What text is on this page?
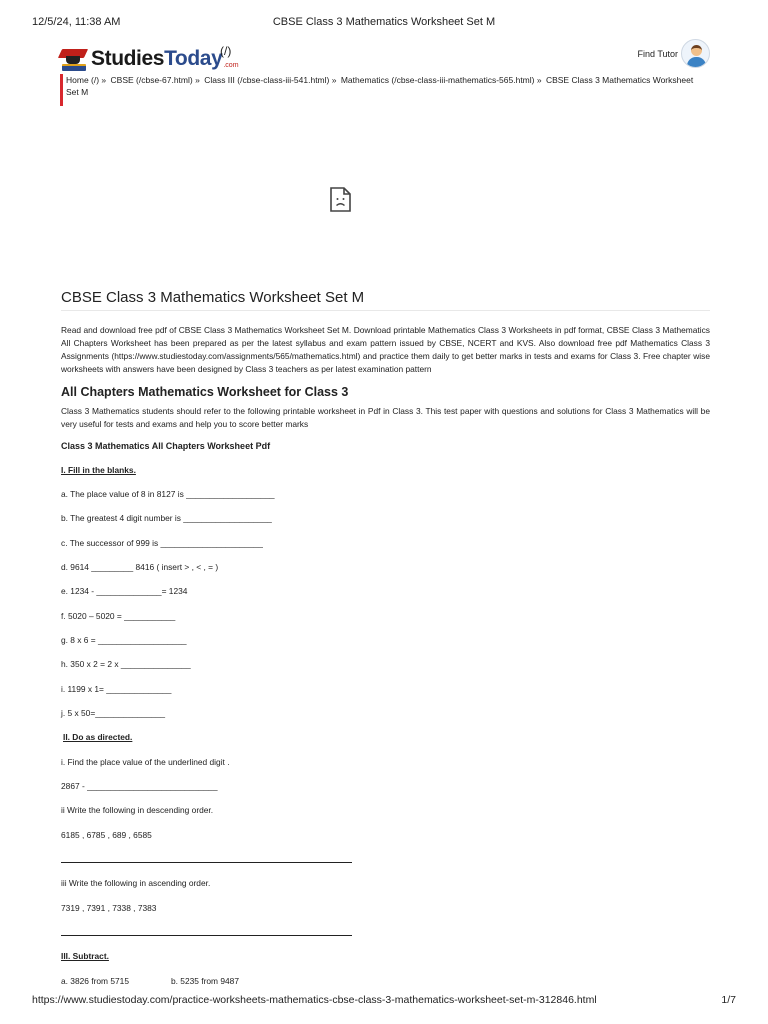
12/5/24, 11:38 AM	CBSE Class 3 Mathematics Worksheet Set M
StudiesToday .com
(/)	Find Tutor
Home (/) » CBSE (/cbse-67.html) » Class III (/cbse-class-iii-541.html) » Mathematics (/cbse-class-iii-mathematics-565.html) » CBSE Class 3 Mathematics Worksheet Set M
CBSE Class 3 Mathematics Worksheet Set M

Read and download free pdf of CBSE Class 3 Mathematics Worksheet Set M. Download printable Mathematics Class 3 Worksheets in pdf format, CBSE Class 3 Mathematics All Chapters Worksheet has been prepared as per the latest syllabus and exam pattern issued by CBSE, NCERT and KVS. Also download free pdf Mathematics Class 3 Assignments (https://www.studiestoday.com/assignments/565/mathematics.html) and practice them daily to get better marks in tests and exams for Class 3. Free chapter wise worksheets with answers have been designed by Class 3 teachers as per latest examination pattern

All Chapters Mathematics Worksheet for Class 3

Class 3 Mathematics students should refer to the following printable worksheet in Pdf in Class 3. This test paper with questions and solutions for Class 3 Mathematics will be very useful for tests and exams and help you to score better marks

Class 3 Mathematics All Chapters Worksheet Pdf
I. Fill in the blanks.
a. The place value of 8 in 8127 is ___________________
b. The greatest 4 digit number is ___________________
c. The successor of 999 is ______________________
d. 9614 _________ 8416 ( insert > , < , = )
e. 1234 - ______________= 1234
f. 5020 – 5020 = ___________
g. 8 x 6 = ___________________
h. 350 x 2 = 2 x _______________
i. 1199 x 1= ______________
j. 5 x 50=_______________
II. Do as directed.
i. Find the place value of the underlined digit .
2867 - ____________________________
ii Write the following in descending order.
6185 , 6785 , 689 , 6585
iii Write the following in ascending order.
7319 , 7391 , 7338 , 7383
III. Subtract.
a. 3826 from 5715	b. 5235 from 9487
https://www.studiestoday.com/practice-worksheets-mathematics-cbse-class-3-mathematics-worksheet-set-m-312846.html	1/7
